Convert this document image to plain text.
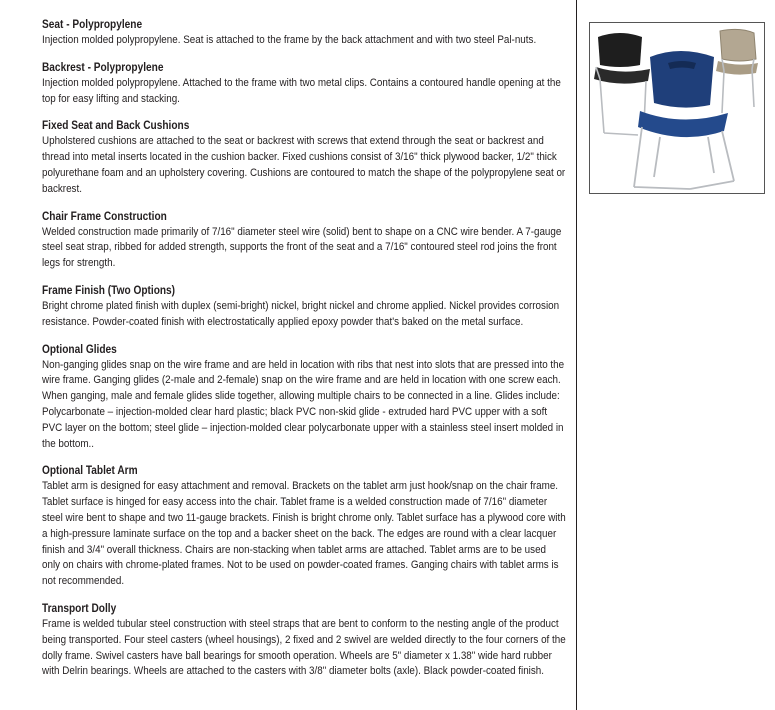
Seat - Polypropylene
Injection molded polypropylene. Seat is attached to the frame by the back attachment and with two steel Pal-nuts.
Backrest - Polypropylene
Injection molded polypropylene. Attached to the frame with two metal clips. Contains a contoured handle opening at the top for easy lifting and stacking.
Fixed Seat and Back Cushions
Upholstered cushions are attached to the seat or backrest with screws that extend through the seat or backrest and thread into metal inserts located in the cushion backer. Fixed cushions consist of 3/16" thick plywood backer, 1/2" thick polyurethane foam and an upholstery covering. Cushions are contoured to match the shape of the polypropylene seat or backrest.
Chair Frame Construction
Welded construction made primarily of 7/16" diameter steel wire (solid) bent to shape on a CNC wire bender. A 7-gauge steel seat strap, ribbed for added strength, supports the front of the seat and a 7/16" contoured steel rod joins the front legs for strength.
Frame Finish (Two Options)
Bright chrome plated finish with duplex (semi-bright) nickel, bright nickel and chrome applied. Nickel provides corrosion resistance. Powder-coated finish with electrostatically applied epoxy powder that's baked on the metal surface.
Optional Glides
Non-ganging glides snap on the wire frame and are held in location with ribs that nest into slots that are pressed into the wire frame. Ganging glides (2-male and 2-female) snap on the wire frame and are held in location with one screw each. When ganging, male and female glides slide together, allowing multiple chairs to be connected in a line. Glides include: Polycarbonate – injection-molded clear hard plastic; black PVC non-skid glide - extruded hard PVC upper with a soft PVC layer on the bottom; steel glide – injection-molded clear polycarbonate upper with a stainless steel insert molded in the bottom..
Optional Tablet Arm
Tablet arm is designed for easy attachment and removal. Brackets on the tablet arm just hook/snap on the chair frame. Tablet surface is hinged for easy access into the chair. Tablet frame is a welded construction made of 7/16" diameter steel wire bent to shape and two 11-gauge brackets. Finish is bright chrome only. Tablet surface has a plywood core with a high-pressure laminate surface on the top and a backer sheet on the back. The edges are round with a clear lacquer finish and 3/4" overall thickness. Chairs are non-stacking when tablet arms are attached. Tablet arms are to be used only on chairs with chrome-plated frames. Not to be used on powder-coated frames. Ganging chairs with tablet arms is not recommended.
Transport Dolly
Frame is welded tubular steel construction with steel straps that are bent to conform to the nesting angle of the product being transported. Four steel casters (wheel housings), 2 fixed and 2 swivel are welded directly to the four corners of the dolly frame. Swivel casters have ball bearings for smooth operation. Wheels are 5" diameter x 1.38" wide hard rubber with Delrin bearings. Wheels are attached to the casters with 3/8" diameter bolts (axle). Black powder-coated finish.
